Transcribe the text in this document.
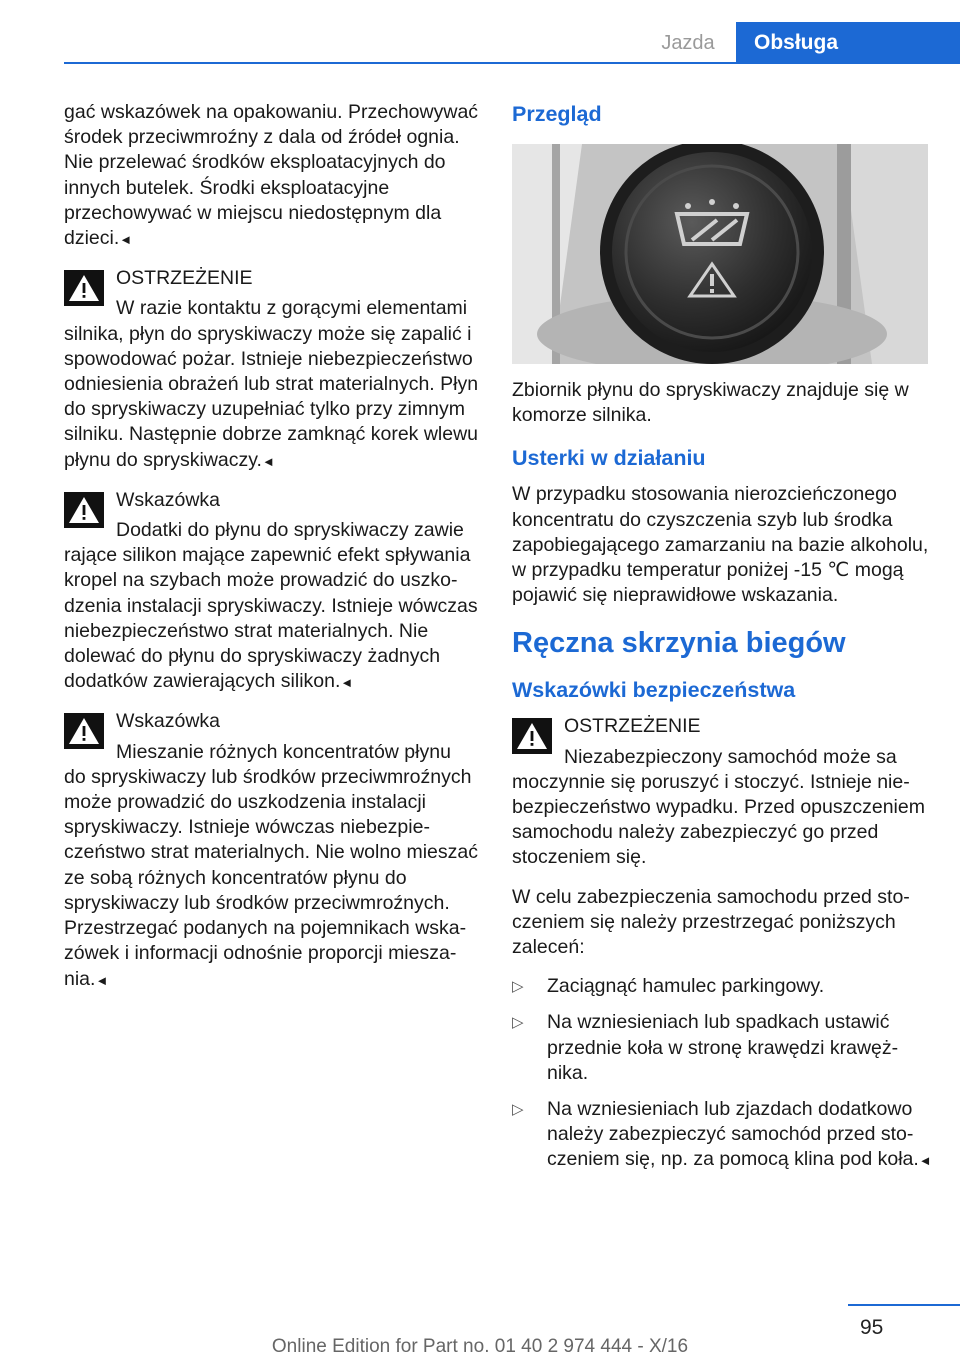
Jazda	Obsługa

gać wskazówek na opakowaniu. Przechowywać środek przeciwmroźny z dala od źródeł ognia. Nie przelewać środków eksploatacyjnych do innych butelek. Środki eksploatacyjne przechowywać w miejscu niedostępnym dla dzieci.◄

OSTRZEŻENIE

W razie kontaktu z gorącymi elementami

silnika, płyn do spryskiwaczy może się zapalić i spowodować pożar. Istnieje niebezpieczeństwo odniesienia obrażeń lub strat materialnych. Płyn do spryskiwaczy uzupełniać tylko przy zimnym silniku. Następnie dobrze zamknąć korek wlewu płynu do spryskiwaczy.◄

Wskazówka

Dodatki do płynu do spryskiwaczy zawie

rające silikon mające zapewnić efekt spływania kropel na szybach może prowadzić do uszkodzenia instalacji spryskiwaczy. Istnieje wówczas niebezpieczeństwo strat materialnych. Nie dolewać do płynu do spryskiwaczy żadnych dodatków zawierających silikon.◄

Wskazówka

Mieszanie różnych koncentratów płynu

do spryskiwaczy lub środków przeciwmroźnych może prowadzić do uszkodzenia instalacji spryskiwaczy. Istnieje wówczas niebezpieczeństwo strat materialnych. Nie wolno mieszać ze sobą różnych koncentratów płynu do spryskiwaczy lub środków przeciwmroźnych. Przestrzegać podanych na pojemnikach wskazówek i informacji odnośnie proporcji mieszania.◄

Przegląd

Zbiornik płynu do spryskiwaczy znajduje się w komorze silnika.

Usterki w działaniu

W przypadku stosowania nierozcieńczonego koncentratu do czyszczenia szyb lub środka zapobiegającego zamarzaniu na bazie alkoholu, w przypadku temperatur poniżej -15 ℃ mogą pojawić się nieprawidłowe wskazania.

Ręczna skrzynia biegów
Wskazówki bezpieczeństwa

OSTRZEŻENIE

Niezabezpieczony samochód może sa

moczynnie się poruszyć i stoczyć. Istnieje niebezpieczeństwo wypadku. Przed opuszczeniem samochodu należy zabezpieczyć go przed stoczeniem się.

W celu zabezpieczenia samochodu przed stoczeniem się należy przestrzegać poniższych zaleceń:

▷ Zaciągnąć hamulec parkingowy.
▷ Na wzniesieniach lub spadkach ustawić przednie koła w stronę krawędzi krawężnika.
▷ Na wzniesieniach lub zjazdach dodatkowo należy zabezpieczyć samochód przed stoczeniem się, np. za pomocą klina pod koła.◄
95
Online Edition for Part no. 01 40 2 974 444 - X/16
